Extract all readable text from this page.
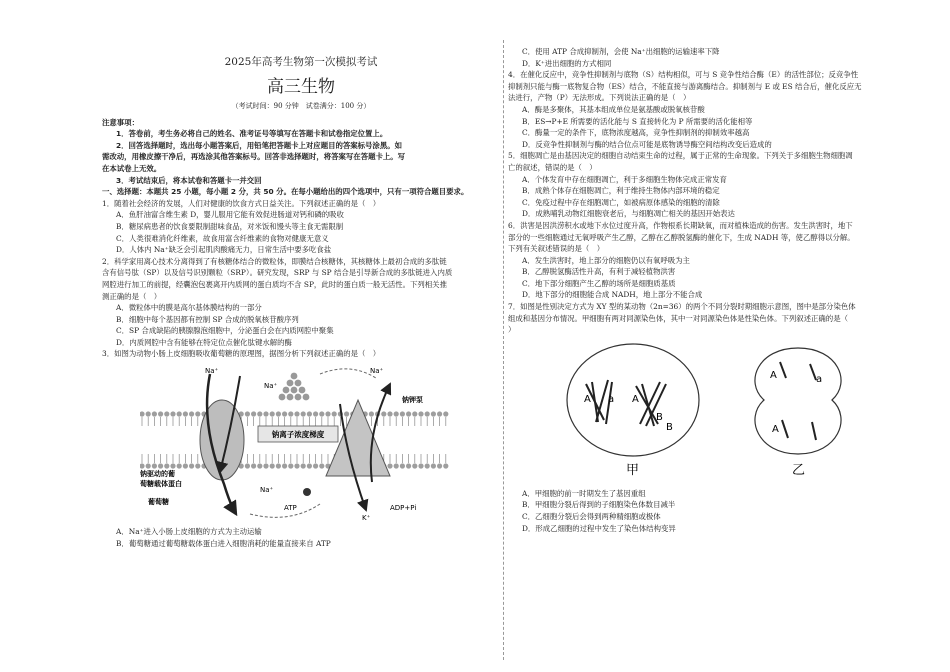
2025年高考生物第一次模拟考试
高三生物
（考试时间：90 分钟　试卷满分：100 分）

注意事项：

1．答卷前，考生务必将自己的姓名、准考证号等填写在答题卡和试卷指定位置上。

2．回答选择题时，选出每小题答案后，用铅笔把答题卡上对应题目的答案标号涂黑。如

需改动，用橡皮擦干净后，再选涂其他答案标号。回答非选择题时，将答案写在答题卡上。写

在本试卷上无效。

3．考试结束后，将本试卷和答题卡一并交回

一、选择题：本题共 25 小题，每小题 2 分，共 50 分。在每小题给出的四个选项中，只有一项符合题目要求。

1．随着社会经济的发展，人们对健康的饮食方式日益关注。下列叙述正确的是（　）

A．鱼肝油富含维生素 D，婴儿服用它能有效促进肠道对钙和磷的吸收

B．糖尿病患者的饮食要限制甜味食品，对米饭和馒头等主食无需限制

C．人类很难消化纤维素，故食用富含纤维素的食物对健康无意义

D．人体内 Na⁺缺乏会引起肌肉酸痛无力，日常生活中要多吃食盐

2．科学家用离心技术分离得到了有核糖体结合的微粒体，即膜结合核糖体，其核糖体上最初合成的多肽链

含有信号肽（SP）以及信号识别颗粒（SRP）。研究发现，SRP 与 SP 结合是引导新合成的多肽链进入内质

网腔进行加工的前提，经囊泡包裹离开内质网的蛋白质均不含 SP，此时的蛋白质一般无活性。下列相关推

测正确的是（　）

A．微粒体中的膜是高尔基体膜结构的一部分

B．细胞中每个基因都有控制 SP 合成的脱氧核苷酸序列

C．SP 合成缺陷的胰腺腺泡细胞中，分泌蛋白会在内质网腔中聚集

D．内质网腔中含有能够在特定位点催化肽键水解的酶

3．如图为动物小肠上皮细胞吸收葡萄糖的原理图，据图分析下列叙述正确的是（　）

钠离子浓度梯度
Na⁺	Na⁺
Na⁺
钠钾泵
钠驱动的葡
萄糖载体蛋白
葡萄糖
Na⁺
ATP	ADP+Pi
K⁺

A．Na⁺进入小肠上皮细胞的方式为主动运输

B．葡萄糖通过葡萄糖载体蛋白进入细胞消耗的能量直接来自 ATP

C．使用 ATP 合成抑制剂，会使 Na⁺出细胞的运输速率下降

D．K⁺进出细胞的方式相同

4．在催化反应中，竞争性抑制剂与底物（S）结构相似，可与 S 竞争性结合酶（E）的活性部位；反竞争性

抑制剂只能与酶一底物复合物（ES）结合，不能直接与游离酶结合。抑制剂与 E 或 ES 结合后，催化反应无

法进行，产物（P）无法形成。下列说法正确的是（　）

A．酶是多聚体，其基本组成单位是氨基酸或脱氧核苷酸

B．ES→P+E 所需要的活化能与 S 直接转化为 P 所需要的活化能相等

C．酶量一定的条件下，底物浓度越高，竞争性抑制剂的抑制效率越高

D．反竞争性抑制剂与酶的结合位点可能是底物诱导酶空间结构改变后造成的

5．细胞凋亡是由基因决定的细胞自动结束生命的过程，属于正常的生命现象。下列关于多细胞生物细胞凋

亡的叙述，错误的是（　）

A．个体发育中存在细胞凋亡，利于多细胞生物体完成正常发育

B．成熟个体存在细胞凋亡，利于维持生物体内部环境的稳定

C．免疫过程中存在细胞凋亡，如被病原体感染的细胞的清除

D．成熟哺乳动物红细胞衰老后，与细胞凋亡相关的基因开始表达

6．洪害是因洪涝积水或地下水位过度升高，作物根系长期缺氧，而对植株造成的伤害。发生洪害时，地下

部分的一些细胞通过无氧呼吸产生乙醇，乙醇在乙醇脱氢酶的催化下，生成 NADH 等，使乙醇得以分解。

下列有关叙述错误的是（　）

A．发生洪害时，地上部分的细胞仍以有氧呼吸为主

B．乙醇脱氢酶活性升高，有利于减轻植物洪害

C．地下部分细胞产生乙醇的场所是细胞质基质

D．地下部分的细胞能合成 NADH，地上部分不能合成

7．如图是性别决定方式为 XY 型的某动物（2n=36）的两个不同分裂时期细胞示意图，图中是部分染色体

组成和基因分布情况。甲细胞有两对同源染色体，其中一对同源染色体是性染色体。下列叙述正确的是（

）

A a A
B
B
A	a
A
甲	乙

A．甲细胞的前一时期发生了基因重组

B．甲细胞分裂后得到的子细胞染色体数目减半

C．乙细胞分裂后会得到两种精细胞或极体

D．形成乙细胞的过程中发生了染色体结构变异
